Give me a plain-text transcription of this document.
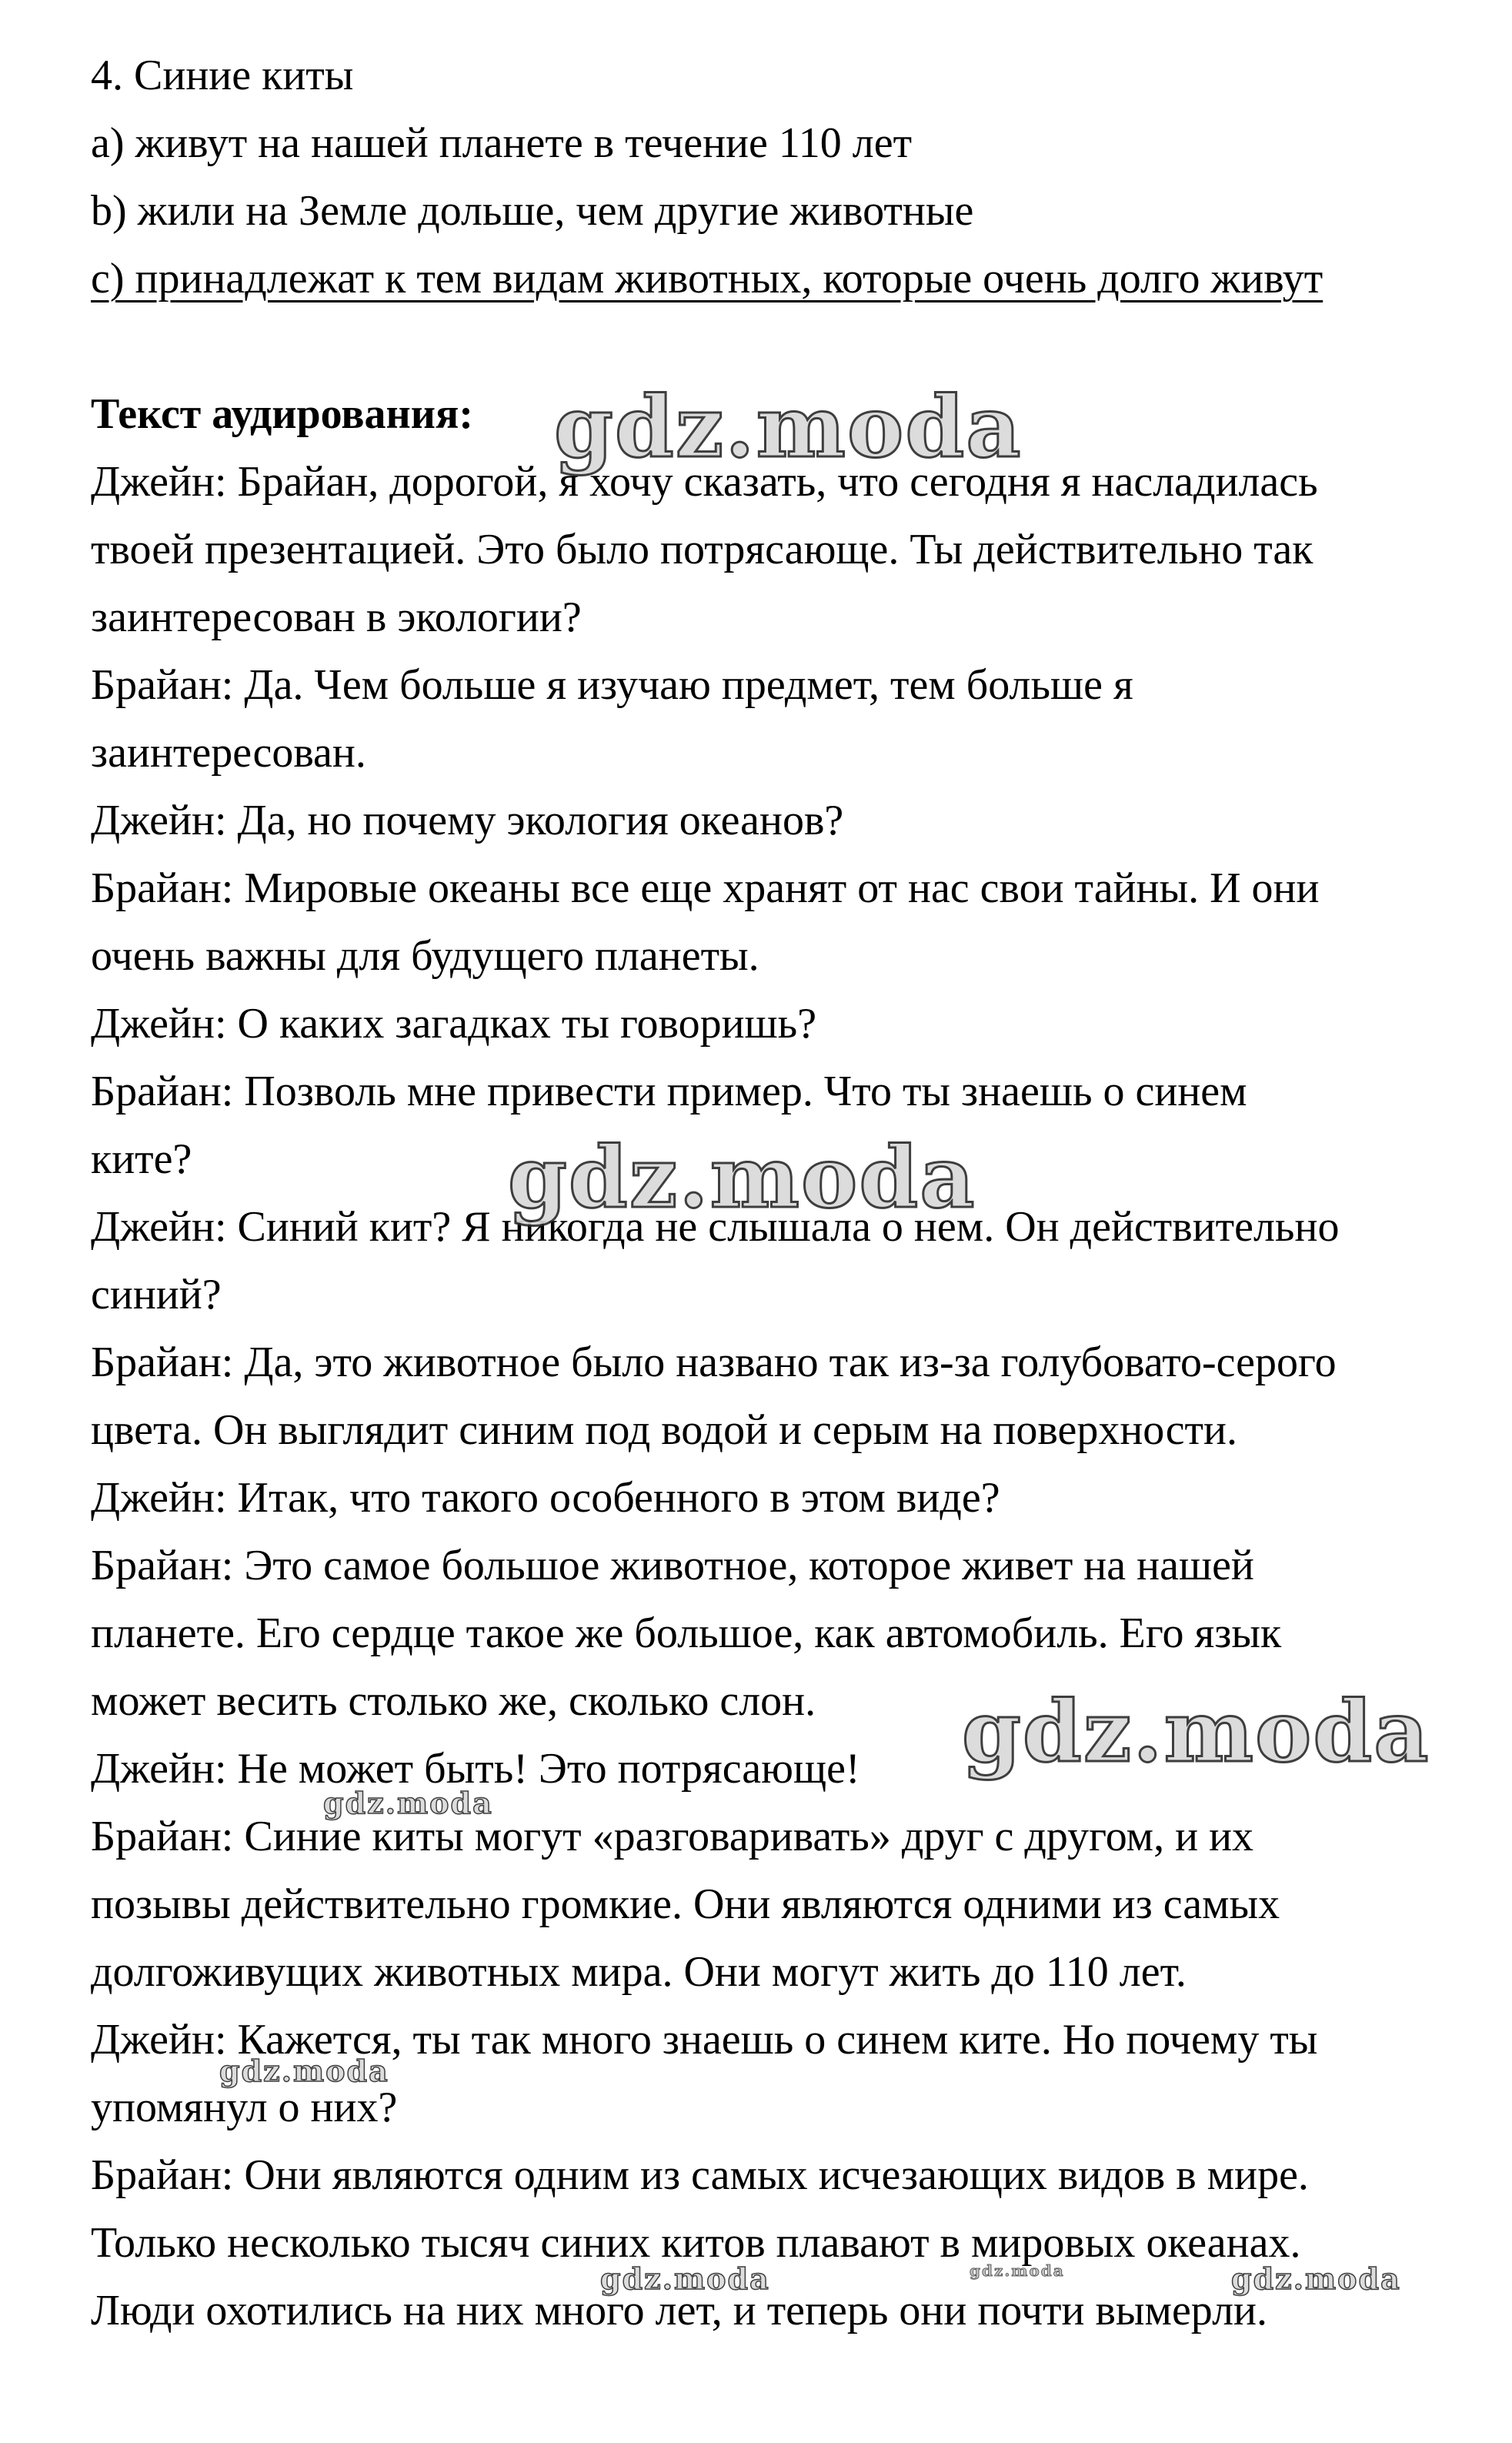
4. Синие киты
a) живут на нашей планете в течение 110 лет
b) жили на Земле дольше, чем другие животные
c) принадлежат к тем видам животных, которые очень долго живут
Текст аудирования:
Джейн: Брайан, дорогой, я хочу сказать, что сегодня я насладилась
твоей презентацией. Это было потрясающе. Ты действительно так
заинтересован в экологии?
Брайан: Да. Чем больше я изучаю предмет, тем больше я
заинтересован.
Джейн: Да, но почему экология океанов?
Брайан: Мировые океаны все еще хранят от нас свои тайны. И они
очень важны для будущего планеты.
Джейн: О каких загадках ты говоришь?
Брайан: Позволь мне привести пример. Что ты знаешь о синем
ките?
Джейн: Синий кит? Я никогда не слышала о нем. Он действительно
синий?
Брайан: Да, это животное было названо так из-за голубовато-серого
цвета. Он выглядит синим под водой и серым на поверхности.
Джейн: Итак, что такого особенного в этом виде?
Брайан: Это самое большое животное, которое живет на нашей
планете. Его сердце такое же большое, как автомобиль. Его язык
может весить столько же, сколько слон.
Джейн: Не может быть! Это потрясающе!
Брайан: Синие киты могут «разговаривать» друг с другом, и их
позывы действительно громкие. Они являются одними из самых
долгоживущих животных мира. Они могут жить до 110 лет.
Джейн: Кажется, ты так много знаешь о синем ките. Но почему ты
упомянул о них?
Брайан: Они являются одним из самых исчезающих видов в мире.
Только несколько тысяч синих китов плавают в мировых океанах.
Люди охотились на них много лет, и теперь они почти вымерли.
gdz.moda
gdz.moda
gdz.moda
gdz.moda
gdz.moda
gdz.moda	gdz.moda	gdz.moda
